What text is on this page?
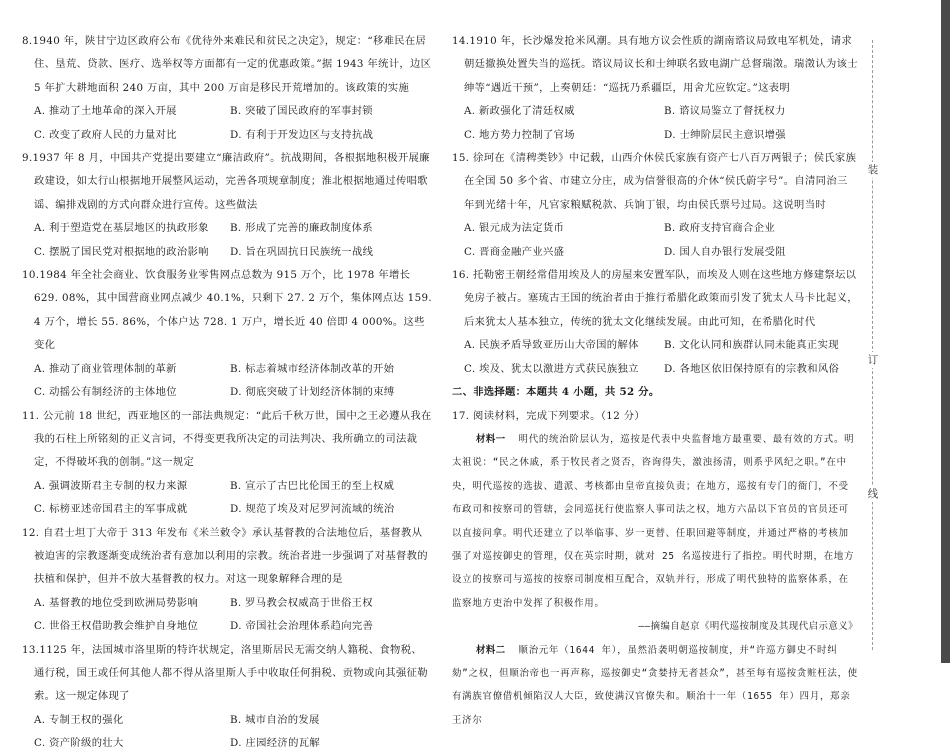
8.1940 年，陕甘宁边区政府公布《优待外来难民和贫民之决定》，规定：“移难民在居住、垦荒、贷款、医疗、选举权等方面都有一定的优惠政策。”据 1943 年统计，边区 5 年扩大耕地面积 240 万亩，其中 200 万亩是移民开荒增加的。该政策的实施

A. 推动了土地革命的深入开展	B. 突破了国民政府的军事封锁
C. 改变了政府人民的力量对比	D. 有利于开发边区与支持抗战

9.1937 年 8 月，中国共产党提出要建立“廉洁政府”。抗战期间，各根据地积极开展廉政建设，如太行山根据地开展整风运动，完善各项规章制度；淮北根据地通过传唱歌谣、编排戏剧的方式向群众进行宣传。这些做法

A. 利于塑造党在基层地区的执政形象	B. 形成了完善的廉政制度体系
C. 摆脱了国民党对根据地的政治影响	D. 旨在巩固抗日民族统一战线

10.1984 年全社会商业、饮食服务业零售网点总数为 915 万个，比 1978 年增长 629. 08%，其中国营商业网点减少 40.1%，只剩下 27. 2 万个，集体网点达 159. 4 万个，增长 55. 86%，个体户达 728. 1 万户，增长近 40 倍即 4 000%。这些变化

A. 推动了商业管理体制的革新	B. 标志着城市经济体制改革的开始
C. 动摇公有制经济的主体地位	D. 彻底突破了计划经济体制的束缚

11. 公元前 18 世纪，西亚地区的一部法典规定：“此后千秋万世，国中之王必遵从我在我的石柱上所铭刻的正义言词，不得变更我所决定的司法判决、我所确立的司法裁定，不得破坏我的创制。”这一规定

A. 强调波斯君主专制的权力来源	B. 宣示了古巴比伦国王的至上权威
C. 标榜亚述帝国君主的军事成就	D. 规范了埃及对尼罗河流域的统治

12. 自君士坦丁大帝于 313 年发布《米兰敕令》承认基督教的合法地位后，基督教从被迫害的宗教逐渐变成统治者有意加以利用的宗教。统治者进一步强调了对基督教的扶植和保护，但并不放大基督教的权力。对这一现象解释合理的是

A. 基督教的地位受到欧洲局势影响	B. 罗马教会权威高于世俗王权
C. 世俗王权借助教会维护自身地位	D. 帝国社会治理体系趋向完善

13.1125 年，法国城市洛里斯的特许状规定，洛里斯居民无需交纳人籍税、食物税、通行税，国王或任何其他人都不得从洛里斯人手中收取任何捐税、贡物或向其强征勒索。这一规定体现了

A. 专制王权的强化	B. 城市自治的发展
C. 资产阶级的壮大	D. 庄园经济的瓦解

14.1910 年，长沙爆发抢米风潮。具有地方议会性质的湖南谘议局致电军机处，请求朝廷撤换处置失当的巡抚。谘议局议长和士绅联名致电湖广总督瑞澂。瑞澂认为该士绅等“遇近干预”，上奏朝廷：“巡抚乃系疆臣，用舍尤应钦定。”这表明

A. 新政强化了清廷权威	B. 谘议局鉴立了督抚权力
C. 地方势力控制了官场	D. 士绅阶层民主意识增强

15. 徐珂在《清稗类钞》中记载，山西介休侯氏家族有资产七八百万两银子；侯氏家族在全国 50 多个省、市建立分庄，成为信誉很高的介休“侯氏蔚字号”。自清同治三年到光绪十年，凡官家粮赋税款、兵饷丁银，均由侯氏票号过局。这说明当时

A. 银元成为法定货币	B. 政府支持官商合企业
C. 晋商金融产业兴盛	D. 国人自办银行发展受阻

16. 托勒密王朝经常借用埃及人的房屋来安置军队，而埃及人则在这些地方修建祭坛以免房子被占。塞琉古王国的统治者由于推行希腊化政策而引发了犹太人马卡比起义，后来犹太人基本独立，传统的犹太文化继续发展。由此可知，在希腊化时代

A. 民族矛盾导致亚历山大帝国的解体	B. 文化认同和族群认同未能真正实现
C. 埃及、犹太以激进方式获民族独立	D. 各地区依旧保持原有的宗教和风俗
二、非选择题：本题共 4 小题，共 52 分。

17. 阅读材料，完成下列要求。（12 分）

材料一 明代的统治阶层认为，巡按是代表中央监督地方最重要、最有效的方式。明太祖说：“民之休戚，系于牧民者之贤否，咨询得失，激浊扬清，则系乎风纪之职。”在中央，明代巡按的选拔、遣派、考核都由皇帝直接负责；在地方，巡按有专门的衙门，不受布政司和按察司的管辖，会同巡抚行使监察人事司法之权，地方六品以下官员的官员还可以直接问拿。明代还建立了以举临事、岁一更替、任职回避等制度，并通过严格的考核加强了对巡按御史的管理，仅在英宗时期，就对 25 名巡按进行了指控。明代时期，在地方设立的按察司与巡按的按察司制度相互配合，双轨并行，形成了明代独特的监察体系，在监察地方吏治中发挥了积极作用。

——摘编自赵京《明代巡按制度及其现代启示意义》

材料二 顺治元年（1644 年），虽然沿袭明朝巡按制度，并“许巡方御史不时纠劾”之权，但顺治帝也一再声称，巡按御史“贪婪持无者甚众”，甚至每有巡按贪赃枉法，使有满族官僚借机倾陷汉人大臣，致使满汉官僚失和。顺治十一年（1655 年）四月，郑亲王济尔

装
订
线
